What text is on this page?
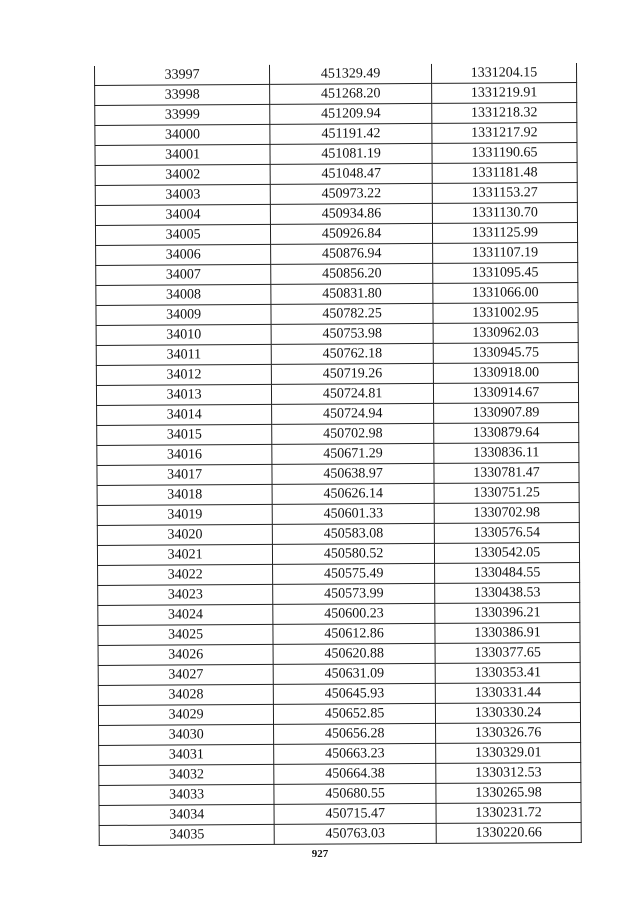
33997	451329.49	1331204.15
33998	451268.20	1331219.91
33999	451209.94	1331218.32
34000	451191.42	1331217.92
34001	451081.19	1331190.65
34002	451048.47	1331181.48
34003	450973.22	1331153.27
34004	450934.86	1331130.70
34005	450926.84	1331125.99
34006	450876.94	1331107.19
34007	450856.20	1331095.45
34008	450831.80	1331066.00
34009	450782.25	1331002.95
34010	450753.98	1330962.03
34011	450762.18	1330945.75
34012	450719.26	1330918.00
34013	450724.81	1330914.67
34014	450724.94	1330907.89
34015	450702.98	1330879.64
34016	450671.29	1330836.11
34017	450638.97	1330781.47
34018	450626.14	1330751.25
34019	450601.33	1330702.98
34020	450583.08	1330576.54
34021	450580.52	1330542.05
34022	450575.49	1330484.55
34023	450573.99	1330438.53
34024	450600.23	1330396.21
34025	450612.86	1330386.91
34026	450620.88	1330377.65
34027	450631.09	1330353.41
34028	450645.93	1330331.44
34029	450652.85	1330330.24
34030	450656.28	1330326.76
34031	450663.23	1330329.01
34032	450664.38	1330312.53
34033	450680.55	1330265.98
34034	450715.47	1330231.72
34035	450763.03	1330220.66
927
